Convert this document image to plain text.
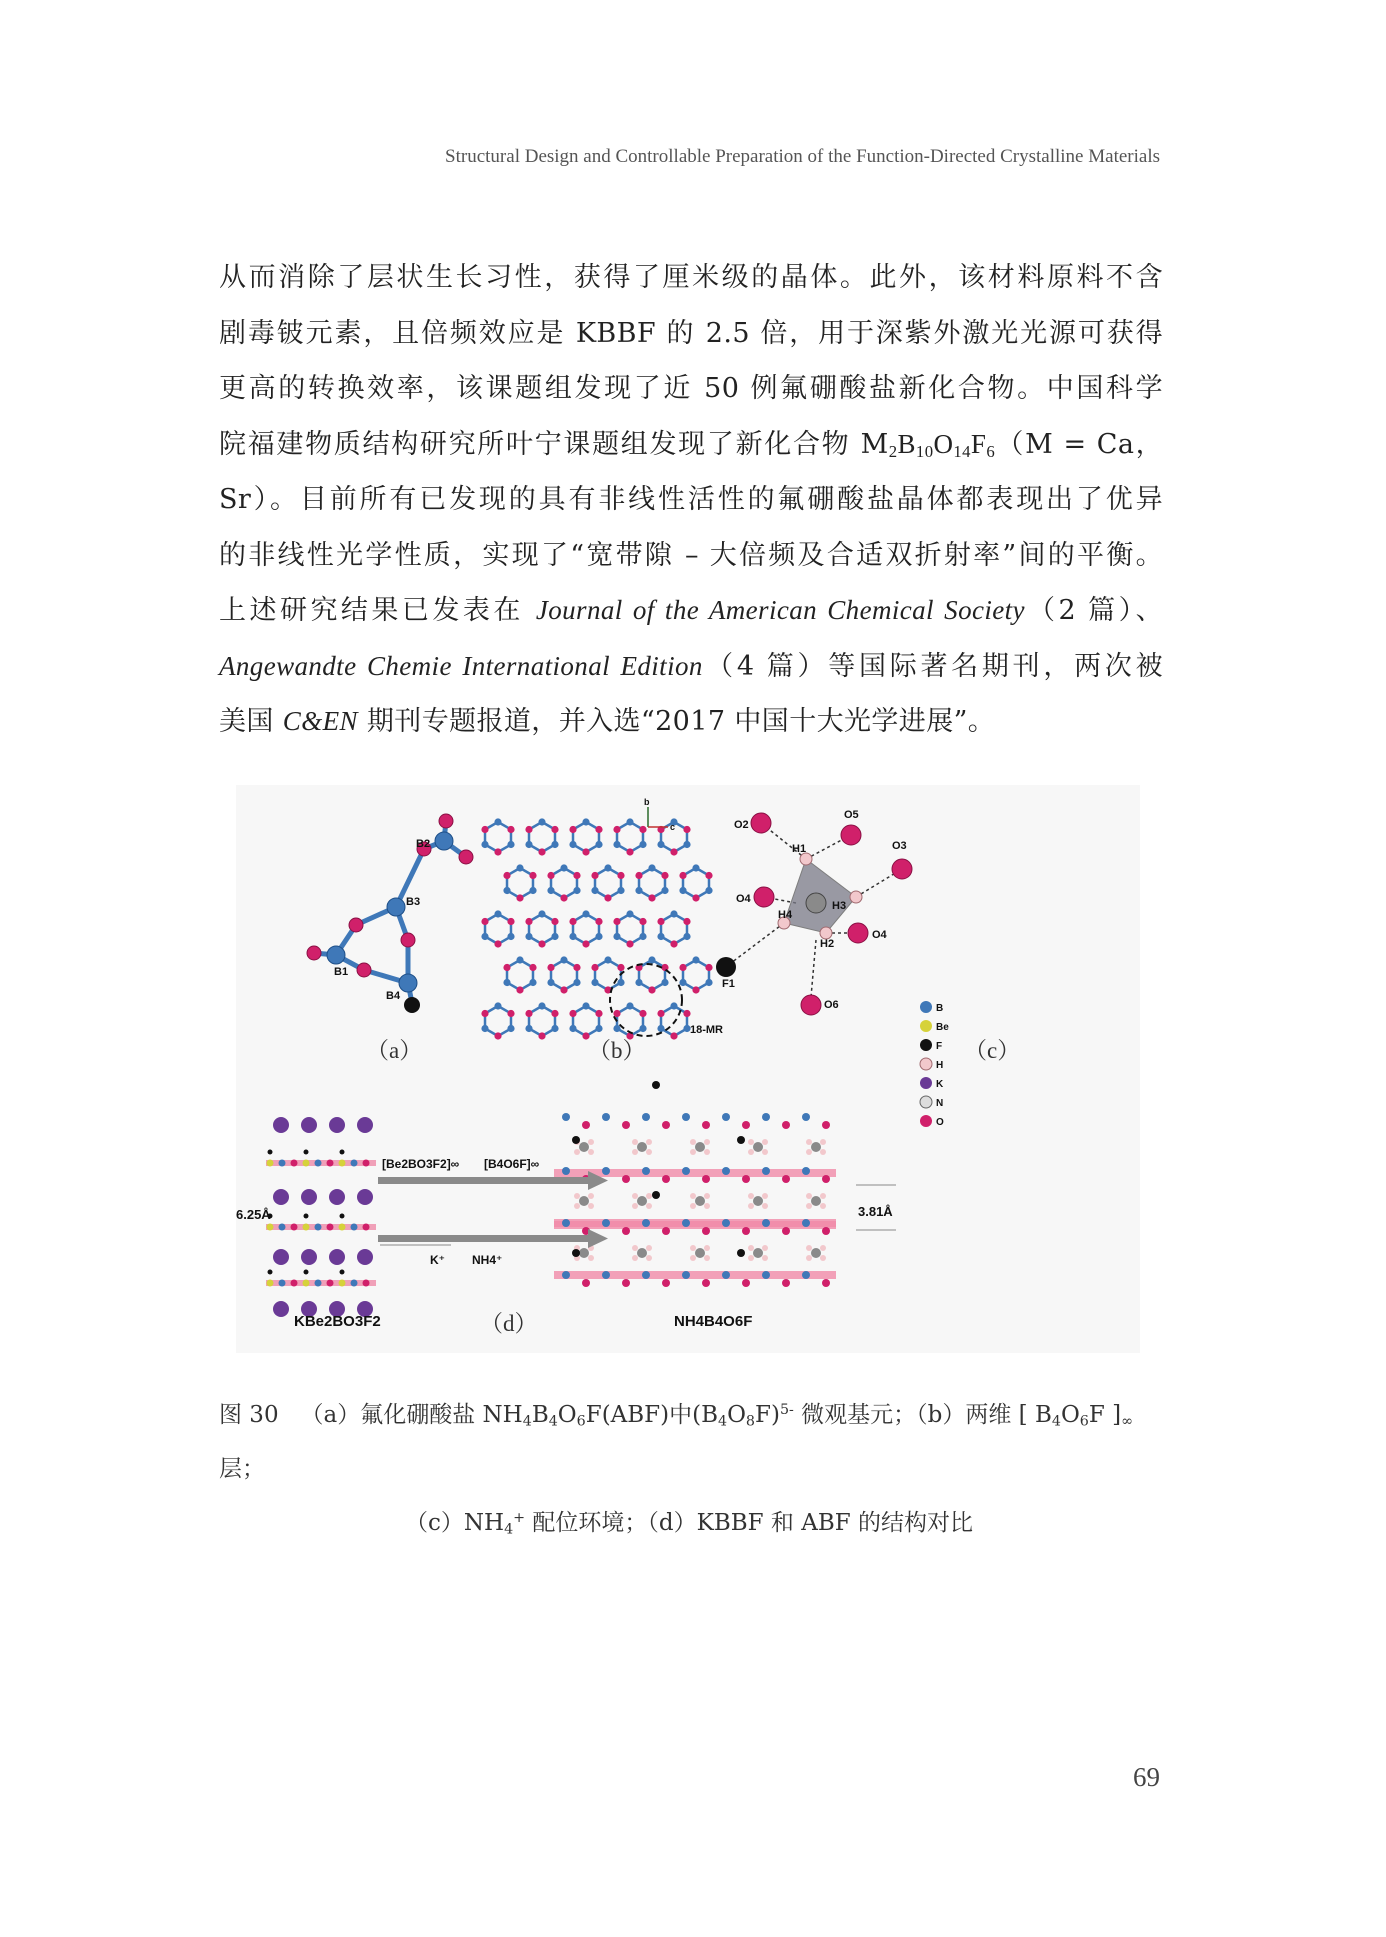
Structural Design and Controllable Preparation of the Function-Directed Crystalline Materials
从而消除了层状生长习性，获得了厘米级的晶体。此外，该材料原料不含
剧毒铍元素，且倍频效应是 KBBF 的 2.5 倍，用于深紫外激光光源可获得
更高的转换效率，该课题组发现了近 50 例氟硼酸盐新化合物。中国科学
院福建物质结构研究所叶宁课题组发现了新化合物 $M_2B_{10}O_{14}F_6(M = Ca$，
Sr）。目前所有已发现的具有非线性活性的氟硼酸盐晶体都表现出了优异
的非线性光学性质，实现了“宽带隙 – 大倍频及合适双折射率”间的平衡。
上述研究结果已发表在 Journal of the American Chemical Society（2 篇）、
Angewandte Chemie International Edition（4 篇）等国际著名期刊，两次被
美国 C&EN 期刊专题报道，并入选“2017 中国十大光学进展”。
B2
B3
B1
B4
（a）
18-MR
b
c
（b）
O2
O5
O3
H1
O4
H3
H4
H2
O4
F1
O6
（c）
B
Be
F
H
K
N
O
[Be2BO3F2]∞ [B4O6F]∞
K⁺ NH4⁺
6.25Å	3.81Å
KBe2BO3F2	NH4B4O6F
（d）
图 30 （a）氟化硼酸盐 $NH_4B_4O_6F(ABF)$中$(B_4O_8F)^{5-}$ 微观基元；（b）两维 [ $B_4O_6F$ ]$_\infty$层；
$(c)NH_4^+$ 配位环境；（d）KBBF 和 ABF 的结构对比
69
